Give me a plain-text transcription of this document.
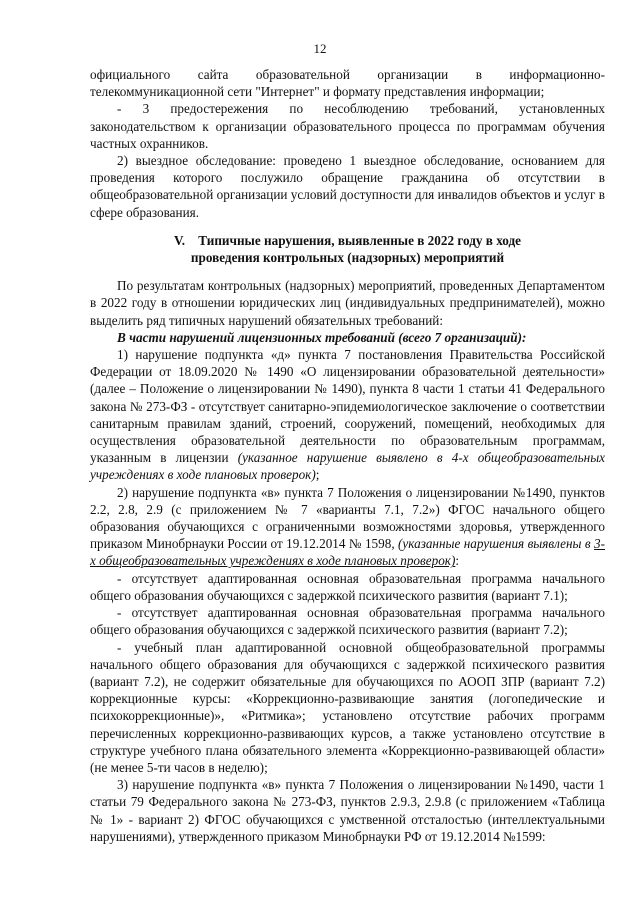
12

официального сайта образовательной организации в информационно-телекоммуникационной сети "Интернет" и формату представления информации;

- 3 предостережения по несоблюдению требований, установленных законодательством к организации образовательного процесса по программам обучения частных охранников.

2) выездное обследование: проведено 1 выездное обследование, основанием для проведения которого послужило обращение гражданина об отсутствии в общеобразовательной организации условий доступности для инвалидов объектов и услуг в сфере образования.

V.    Типичные нарушения, выявленные в 2022 году в ходе

проведения контрольных (надзорных) мероприятий

По результатам контрольных (надзорных) мероприятий, проведенных Департаментом в 2022 году в отношении юридических лиц (индивидуальных предпринимателей), можно выделить ряд типичных нарушений обязательных требований:

В части нарушений лицензионных требований (всего 7 организаций):

1) нарушение подпункта «д» пункта 7 постановления Правительства Российской Федерации от 18.09.2020 № 1490 «О лицензировании образовательной деятельности» (далее – Положение о лицензировании № 1490), пункта 8 части 1 статьи 41 Федерального закона № 273-ФЗ - отсутствует санитарно-эпидемиологическое заключение о соответствии санитарным правилам зданий, строений, сооружений, помещений, необходимых для осуществления образовательной деятельности по образовательным программам, указанным в лицензии (указанное нарушение выявлено в 4-х общеобразовательных учреждениях в ходе плановых проверок);

2) нарушение подпункта «в» пункта 7 Положения о лицензировании №1490, пунктов 2.2, 2.8, 2.9 (с приложением № 7 «варианты 7.1, 7.2») ФГОС начального общего образования обучающихся с ограниченными возможностями здоровья, утвержденного приказом Минобрнауки России от 19.12.2014 № 1598, (указанные нарушения выявлены в 3-х общеобразовательных учреждениях в ходе плановых проверок):

- отсутствует адаптированная основная образовательная программа начального общего образования обучающихся с задержкой психического развития (вариант 7.1);

- отсутствует адаптированная основная образовательная программа начального общего образования обучающихся с задержкой психического развития (вариант 7.2);

- учебный план адаптированной основной общеобразовательной программы начального общего образования для обучающихся с задержкой психического развития (вариант 7.2), не содержит обязательные для обучающихся по АООП ЗПР (вариант 7.2) коррекционные курсы: «Коррекционно-развивающие занятия (логопедические и психокоррекционные)», «Ритмика»; установлено отсутствие рабочих программ перечисленных коррекционно-развивающих курсов, а также установлено отсутствие в структуре учебного плана обязательного элемента «Коррекционно-развивающей области» (не менее 5-ти часов в неделю);

3) нарушение подпункта «в» пункта 7 Положения о лицензировании №1490, части 1 статьи 79 Федерального закона № 273-ФЗ, пунктов 2.9.3, 2.9.8 (с приложением «Таблица № 1» - вариант 2) ФГОС обучающихся с умственной отсталостью (интеллектуальными нарушениями), утвержденного приказом Минобрнауки РФ от 19.12.2014 №1599:
